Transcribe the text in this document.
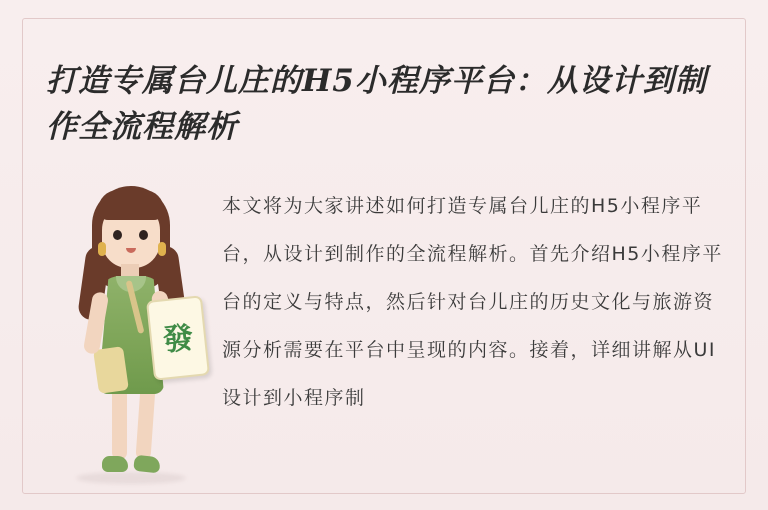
打造专属台儿庄的H5小程序平台：从设计到制作全流程解析
發
本文将为大家讲述如何打造专属台儿庄的H5小程序平台，从设计到制作的全流程解析。首先介绍H5小程序平台的定义与特点，然后针对台儿庄的历史文化与旅游资源分析需要在平台中呈现的内容。接着，详细讲解从UI设计到小程序制
